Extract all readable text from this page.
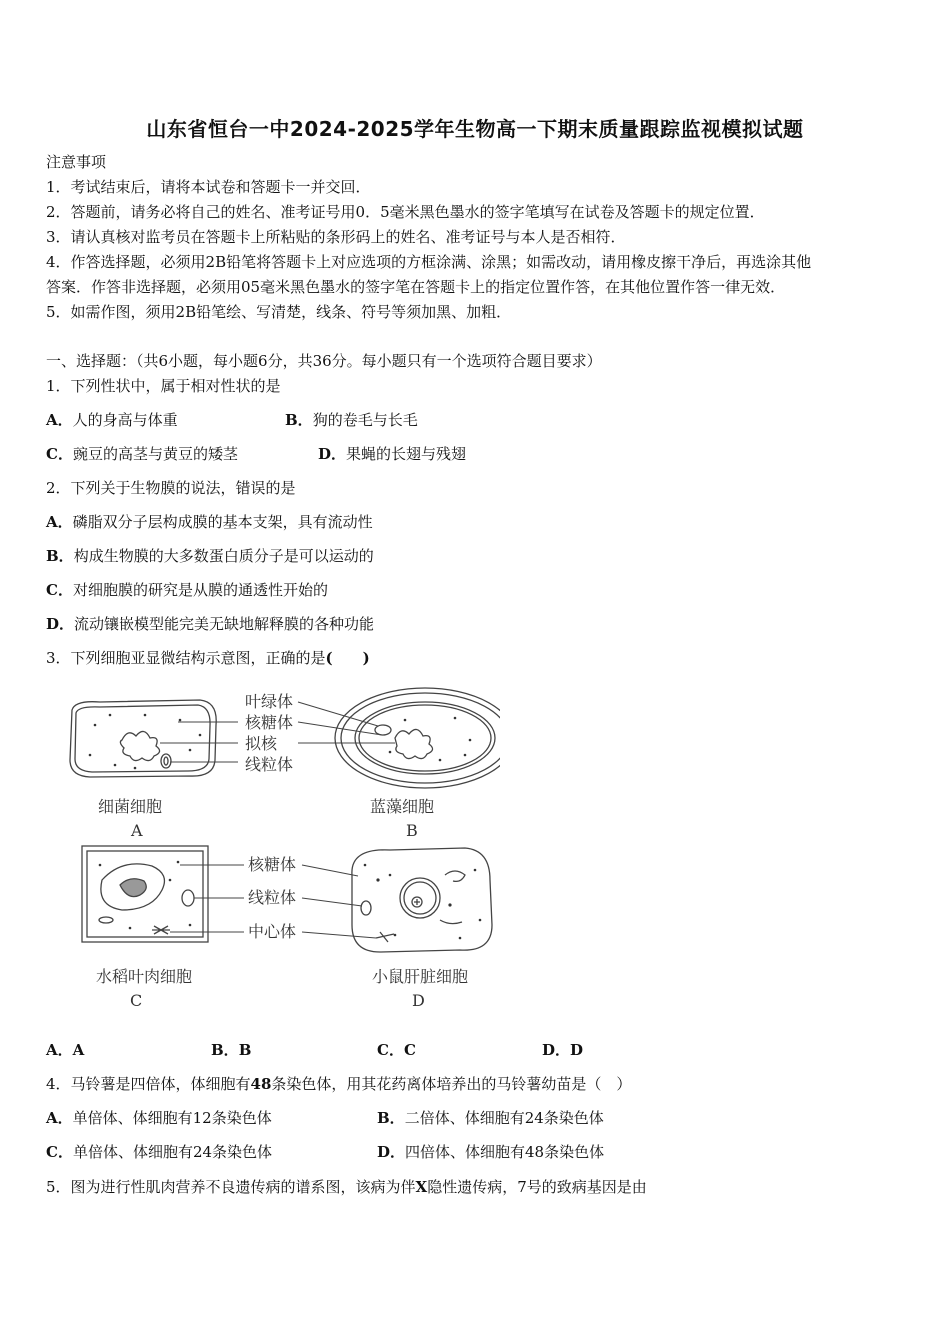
山东省恒台一中2024-2025学年生物高一下期末质量跟踪监视模拟试题
注意事项
1．考试结束后，请将本试卷和答题卡一并交回．
2．答题前，请务必将自己的姓名、准考证号用0．5毫米黑色墨水的签字笔填写在试卷及答题卡的规定位置．
3．请认真核对监考员在答题卡上所粘贴的条形码上的姓名、准考证号与本人是否相符．
4．作答选择题，必须用2B铅笔将答题卡上对应选项的方框涂满、涂黑；如需改动，请用橡皮擦干净后，再选涂其他
答案．作答非选择题，必须用05毫米黑色墨水的签字笔在答题卡上的指定位置作答，在其他位置作答一律无效．
5．如需作图，须用2B铅笔绘、写清楚，线条、符号等须加黑、加粗．
一、选择题：（共6小题，每小题6分，共36分。每小题只有一个选项符合题目要求）
1．下列性状中，属于相对性状的是
A．人的身高与体重	B．狗的卷毛与长毛
C．豌豆的高茎与黄豆的矮茎	D．果蝇的长翅与残翅
2．下列关于生物膜的说法，错误的是
A．磷脂双分子层构成膜的基本支架，具有流动性
B．构成生物膜的大多数蛋白质分子是可以运动的
C．对细胞膜的研究是从膜的通透性开始的
D．流动镶嵌模型能完美无缺地解释膜的各种功能
3．下列细胞亚显微结构示意图，正确的是(　　)
叶绿体
核糖体
拟核
线粒体
细菌细胞
A
蓝藻细胞
B
核糖体
线粒体
中心体
水稻叶肉细胞
C
小鼠肝脏细胞
D
A．A	B．B	C．C	D．D
4．马铃薯是四倍体，体细胞有48条染色体，用其花药离体培养出的马铃薯幼苗是（　）
A．单倍体、体细胞有12条染色体	B．二倍体、体细胞有24条染色体
C．单倍体、体细胞有24条染色体	D．四倍体、体细胞有48条染色体
5．图为进行性肌肉营养不良遗传病的谱系图，该病为伴X隐性遗传病，7号的致病基因是由
